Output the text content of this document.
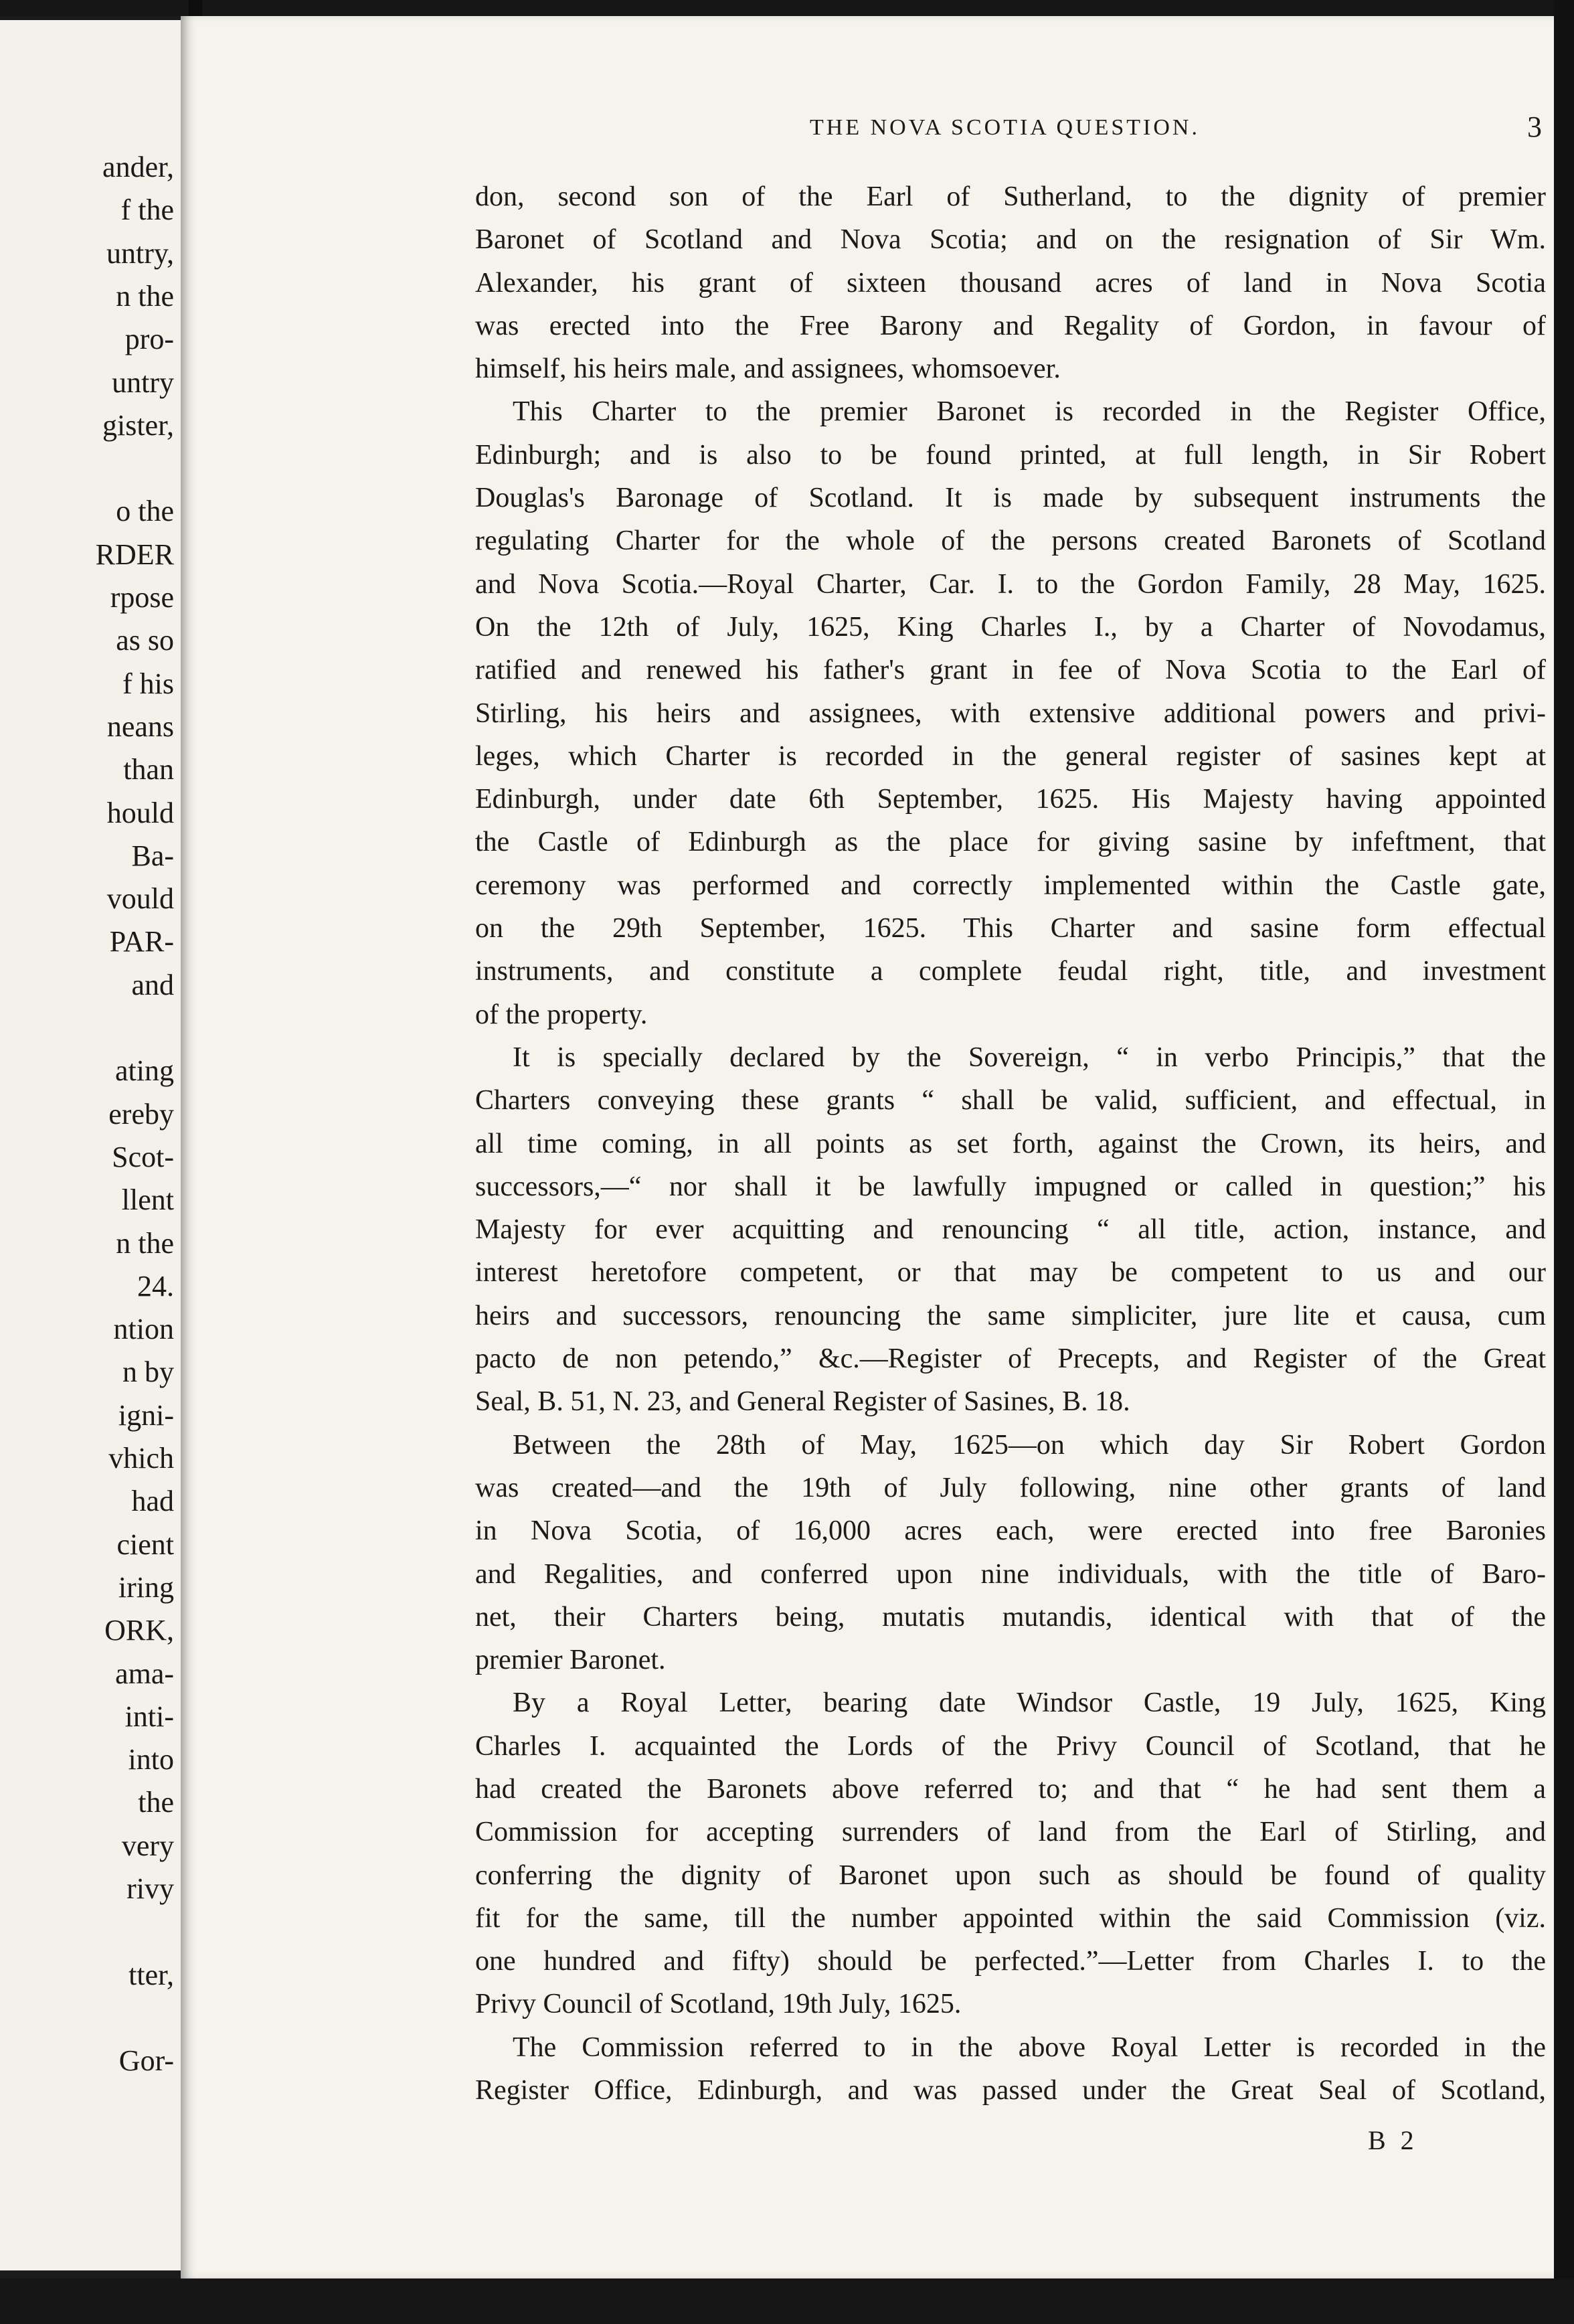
ander,

f the

untry,

n the

pro-

untry

gister,

o the

RDER

rpose

as so

f his

neans

than

hould

Ba-

vould

PAR-

and

ating

ereby

Scot-

llent

n the

24.

ntion

n by

igni-

vhich

had

cient

iring

ORK,

ama-

inti-

into

the

very

rivy

tter,

Gor-

THE NOVA SCOTIA QUESTION.	3

don, second son of the Earl of Sutherland, to the dignity of premier

Baronet of Scotland and Nova Scotia; and on the resignation of Sir Wm.

Alexander, his grant of sixteen thousand acres of land in Nova Scotia

was erected into the Free Barony and Regality of Gordon, in favour of

himself, his heirs male, and assignees, whomsoever.

This Charter to the premier Baronet is recorded in the Register Office,

Edinburgh; and is also to be found printed, at full length, in Sir Robert

Douglas's Baronage of Scotland. It is made by subsequent instruments the

regulating Charter for the whole of the persons created Baronets of Scotland

and Nova Scotia.—Royal Charter, Car. I. to the Gordon Family, 28 May, 1625.

On the 12th of July, 1625, King Charles I., by a Charter of Novodamus,

ratified and renewed his father's grant in fee of Nova Scotia to the Earl of

Stirling, his heirs and assignees, with extensive additional powers and privi-

leges, which Charter is recorded in the general register of sasines kept at

Edinburgh, under date 6th September, 1625. His Majesty having appointed

the Castle of Edinburgh as the place for giving sasine by infeftment, that

ceremony was performed and correctly implemented within the Castle gate,

on the 29th September, 1625. This Charter and sasine form effectual

instruments, and constitute a complete feudal right, title, and investment

of the property.

It is specially declared by the Sovereign, “ in verbo Principis,” that the

Charters conveying these grants “ shall be valid, sufficient, and effectual, in

all time coming, in all points as set forth, against the Crown, its heirs, and

successors,—“ nor shall it be lawfully impugned or called in question;” his

Majesty for ever acquitting and renouncing “ all title, action, instance, and

interest heretofore competent, or that may be competent to us and our

heirs and successors, renouncing the same simpliciter, jure lite et causa, cum

pacto de non petendo,” &c.—Register of Precepts, and Register of the Great

Seal, B. 51, N. 23, and General Register of Sasines, B. 18.

Between the 28th of May, 1625—on which day Sir Robert Gordon

was created—and the 19th of July following, nine other grants of land

in Nova Scotia, of 16,000 acres each, were erected into free Baronies

and Regalities, and conferred upon nine individuals, with the title of Baro-

net, their Charters being, mutatis mutandis, identical with that of the

premier Baronet.

By a Royal Letter, bearing date Windsor Castle, 19 July, 1625, King

Charles I. acquainted the Lords of the Privy Council of Scotland, that he

had created the Baronets above referred to; and that “ he had sent them a

Commission for accepting surrenders of land from the Earl of Stirling, and

conferring the dignity of Baronet upon such as should be found of quality

fit for the same, till the number appointed within the said Commission (viz.

one hundred and fifty) should be perfected.”—Letter from Charles I. to the

Privy Council of Scotland, 19th July, 1625.

The Commission referred to in the above Royal Letter is recorded in the

Register Office, Edinburgh, and was passed under the Great Seal of Scotland,

B 2
